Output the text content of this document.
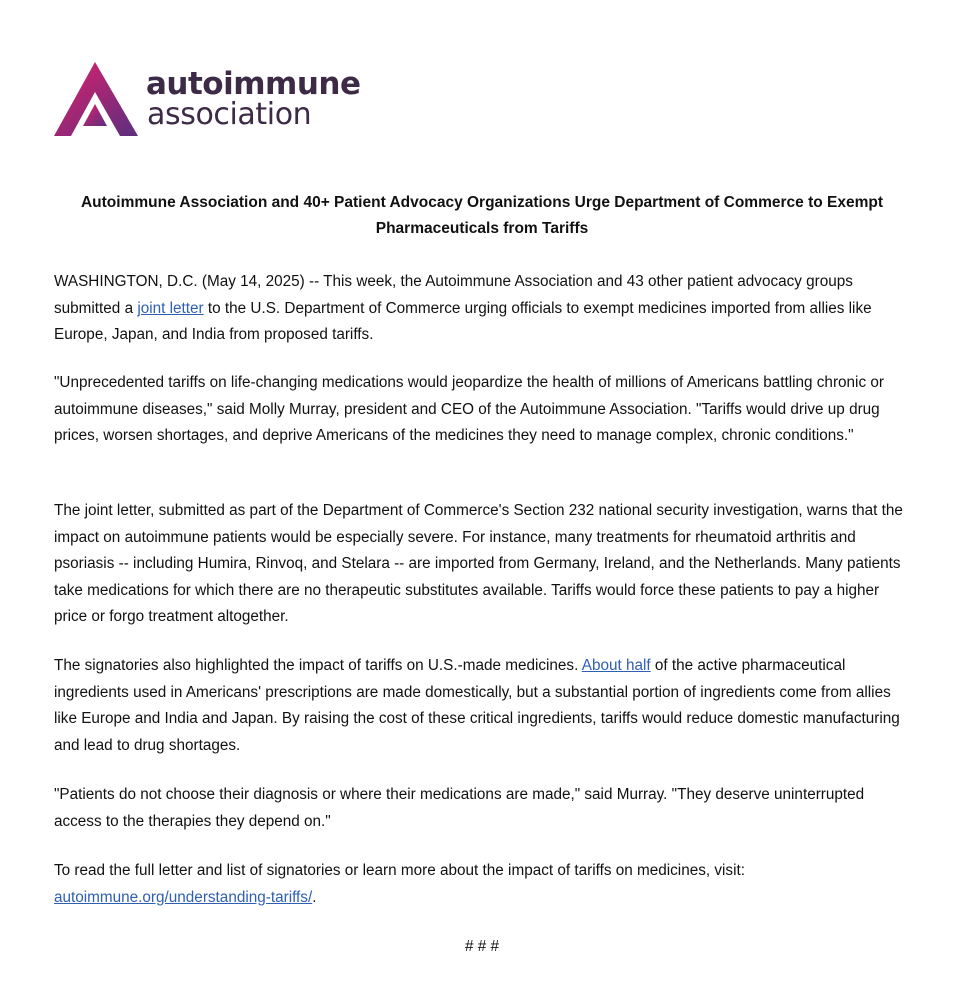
autoimmune
association
Autoimmune Association and 40+ Patient Advocacy Organizations Urge Department of Commerce to Exempt Pharmaceuticals from Tariffs

WASHINGTON, D.C. (May 14, 2025) -- This week, the Autoimmune Association and 43 other patient advocacy groups submitted a joint letter to the U.S. Department of Commerce urging officials to exempt medicines imported from allies like Europe, Japan, and India from proposed tariffs.

"Unprecedented tariffs on life-changing medications would jeopardize the health of millions of Americans battling chronic or autoimmune diseases," said Molly Murray, president and CEO of the Autoimmune Association. "Tariffs would drive up drug prices, worsen shortages, and deprive Americans of the medicines they need to manage complex, chronic conditions."

The joint letter, submitted as part of the Department of Commerce's Section 232 national security investigation, warns that the impact on autoimmune patients would be especially severe. For instance, many treatments for rheumatoid arthritis and psoriasis -- including Humira, Rinvoq, and Stelara -- are imported from Germany, Ireland, and the Netherlands. Many patients take medications for which there are no therapeutic substitutes available. Tariffs would force these patients to pay a higher price or forgo treatment altogether.

The signatories also highlighted the impact of tariffs on U.S.-made medicines. About half of the active pharmaceutical ingredients used in Americans' prescriptions are made domestically, but a substantial portion of ingredients come from allies like Europe and India and Japan. By raising the cost of these critical ingredients, tariffs would reduce domestic manufacturing and lead to drug shortages.

"Patients do not choose their diagnosis or where their medications are made," said Murray. "They deserve uninterrupted access to the therapies they depend on."

To read the full letter and list of signatories or learn more about the impact of tariffs on medicines, visit: autoimmune.org/understanding-tariffs/.

# # #
